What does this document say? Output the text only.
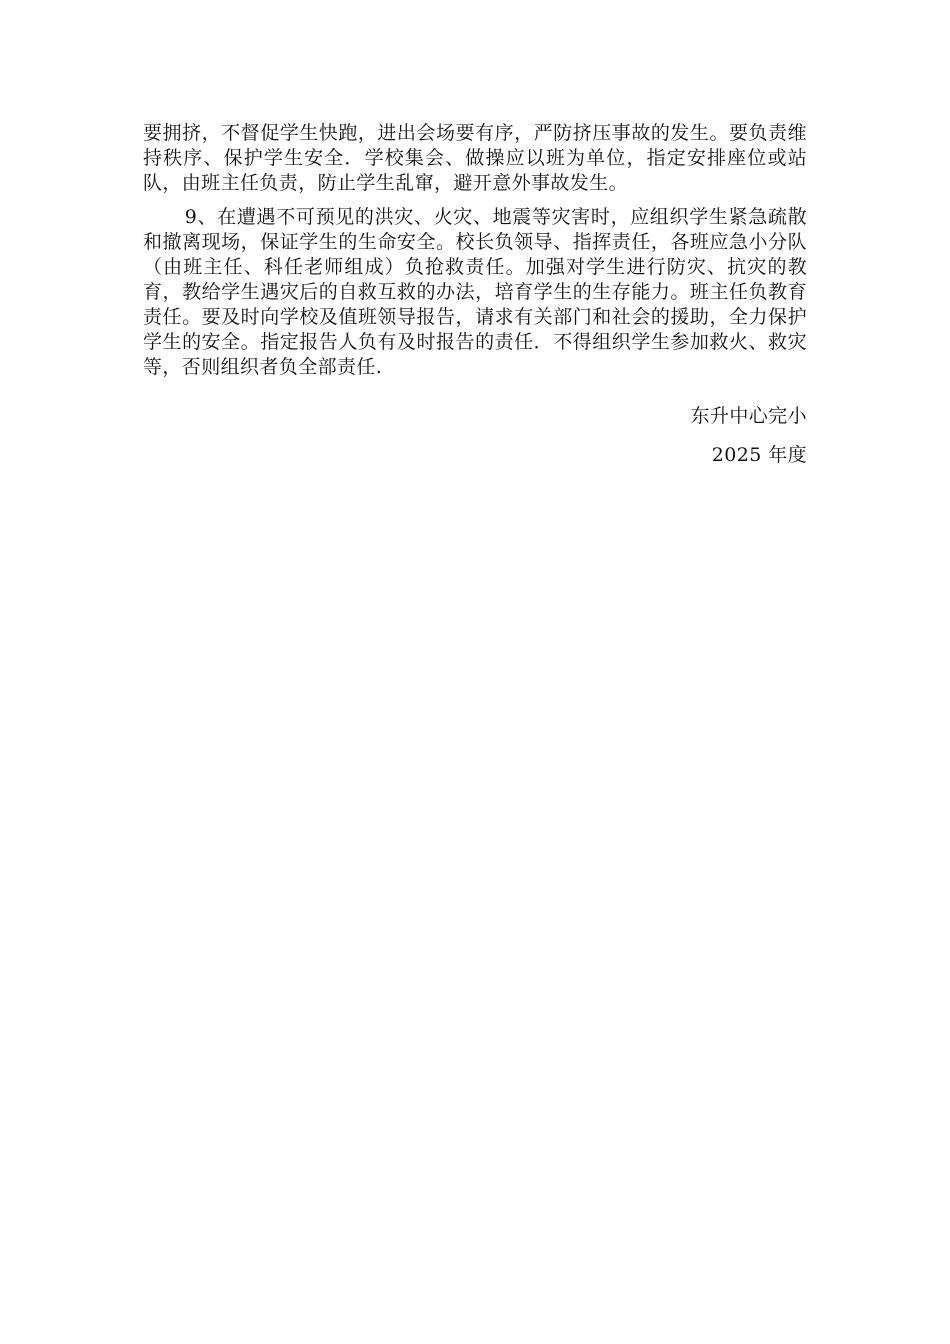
要拥挤，不督促学生快跑，进出会场要有序，严防挤压事故的发生。要负责维持秩序、保护学生安全．学校集会、做操应以班为单位，指定安排座位或站队，由班主任负责，防止学生乱窜，避开意外事故发生。

9、在遭遇不可预见的洪灾、火灾、地震等灾害时，应组织学生紧急疏散和撤离现场，保证学生的生命安全。校长负领导、指挥责任，各班应急小分队（由班主任、科任老师组成）负抢救责任。加强对学生进行防灾、抗灾的教育，教给学生遇灾后的自救互救的办法，培育学生的生存能力。班主任负教育责任。要及时向学校及值班领导报告，请求有关部门和社会的援助，全力保护学生的安全。指定报告人负有及时报告的责任．不得组织学生参加救火、救灾等，否则组织者负全部责任.

东升中心完小

2025 年度
